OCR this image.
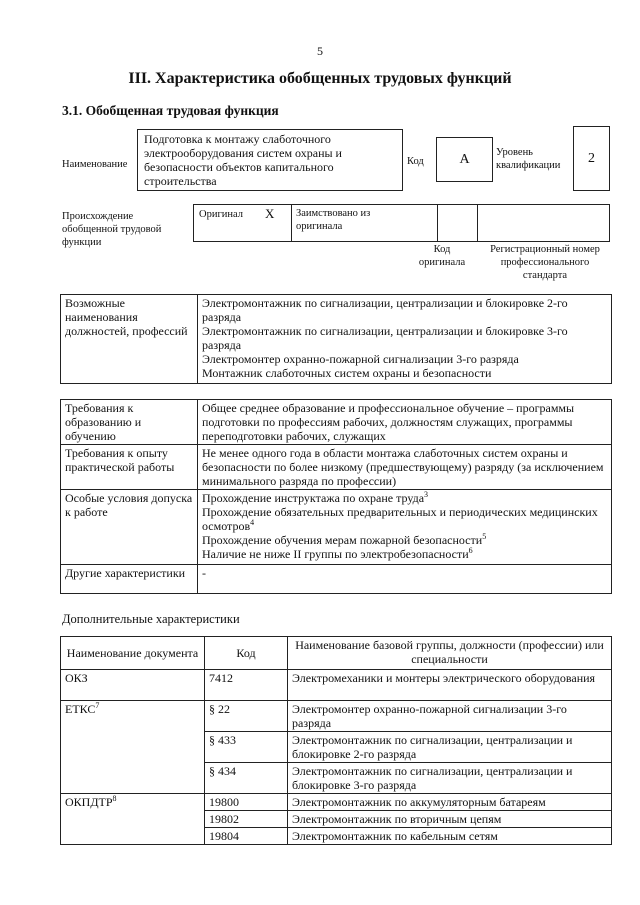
5
III. Характеристика обобщенных трудовых функций
3.1. Обобщенная трудовая функция
Наименование
Подготовка к монтажу слаботочного электрооборудования систем охраны и безопасности объектов капитального строительства
Код	A	Уровень квалификации	2
Происхождение обобщенной трудовой функции
Оригинал X Заимствовано из оригинала
Код оригинала
Регистрационный номер профессионального стандарта
Возможные наименования должностей, профессий	
Электромонтажник по сигнализации, централизации и блокировке 2-го разряда
Электромонтажник по сигнализации, централизации и блокировке 3-го разряда
Электромонтер охранно-пожарной сигнализации 3-го разряда
Монтажник слаботочных систем охраны и безопасности
Требования к образованию и обучению	Общее среднее образование и профессиональное обучение – программы подготовки по профессиям рабочих, должностям служащих, программы переподготовки рабочих, служащих
Требования к опыту практической работы	Не менее одного года в области монтажа слаботочных систем охраны и безопасности по более низкому (предшествующему) разряду (за исключением минимального разряда по профессии)
Особые условия допуска к работе	Прохождение инструктажа по охране труда$^3$
Прохождение обязательных предварительных и периодических медицинских осмотров$^4$
Прохождение обучения мерам пожарной безопасности$^5$
Наличие не ниже II группы по электробезопасности$^6$

Другие характеристики	-
Дополнительные характеристики
Наименование документа	Код	Наименование базовой группы, должности (профессии) или специальности
ОКЗ	7412	Электромеханики и монтеры электрического оборудования
ЕТКС$^7$	§ 22	Электромонтер охранно-пожарной сигнализации 3-го разряда
	§ 433	Электромонтажник по сигнализации, централизации и блокировке 2-го разряда
	§ 434	Электромонтажник по сигнализации, централизации и блокировке 3-го разряда
ОКПДТР$^8$	19800	Электромонтажник по аккумуляторным батареям
	19802	Электромонтажник по вторичным цепям
	19804	Электромонтажник по кабельным сетям
